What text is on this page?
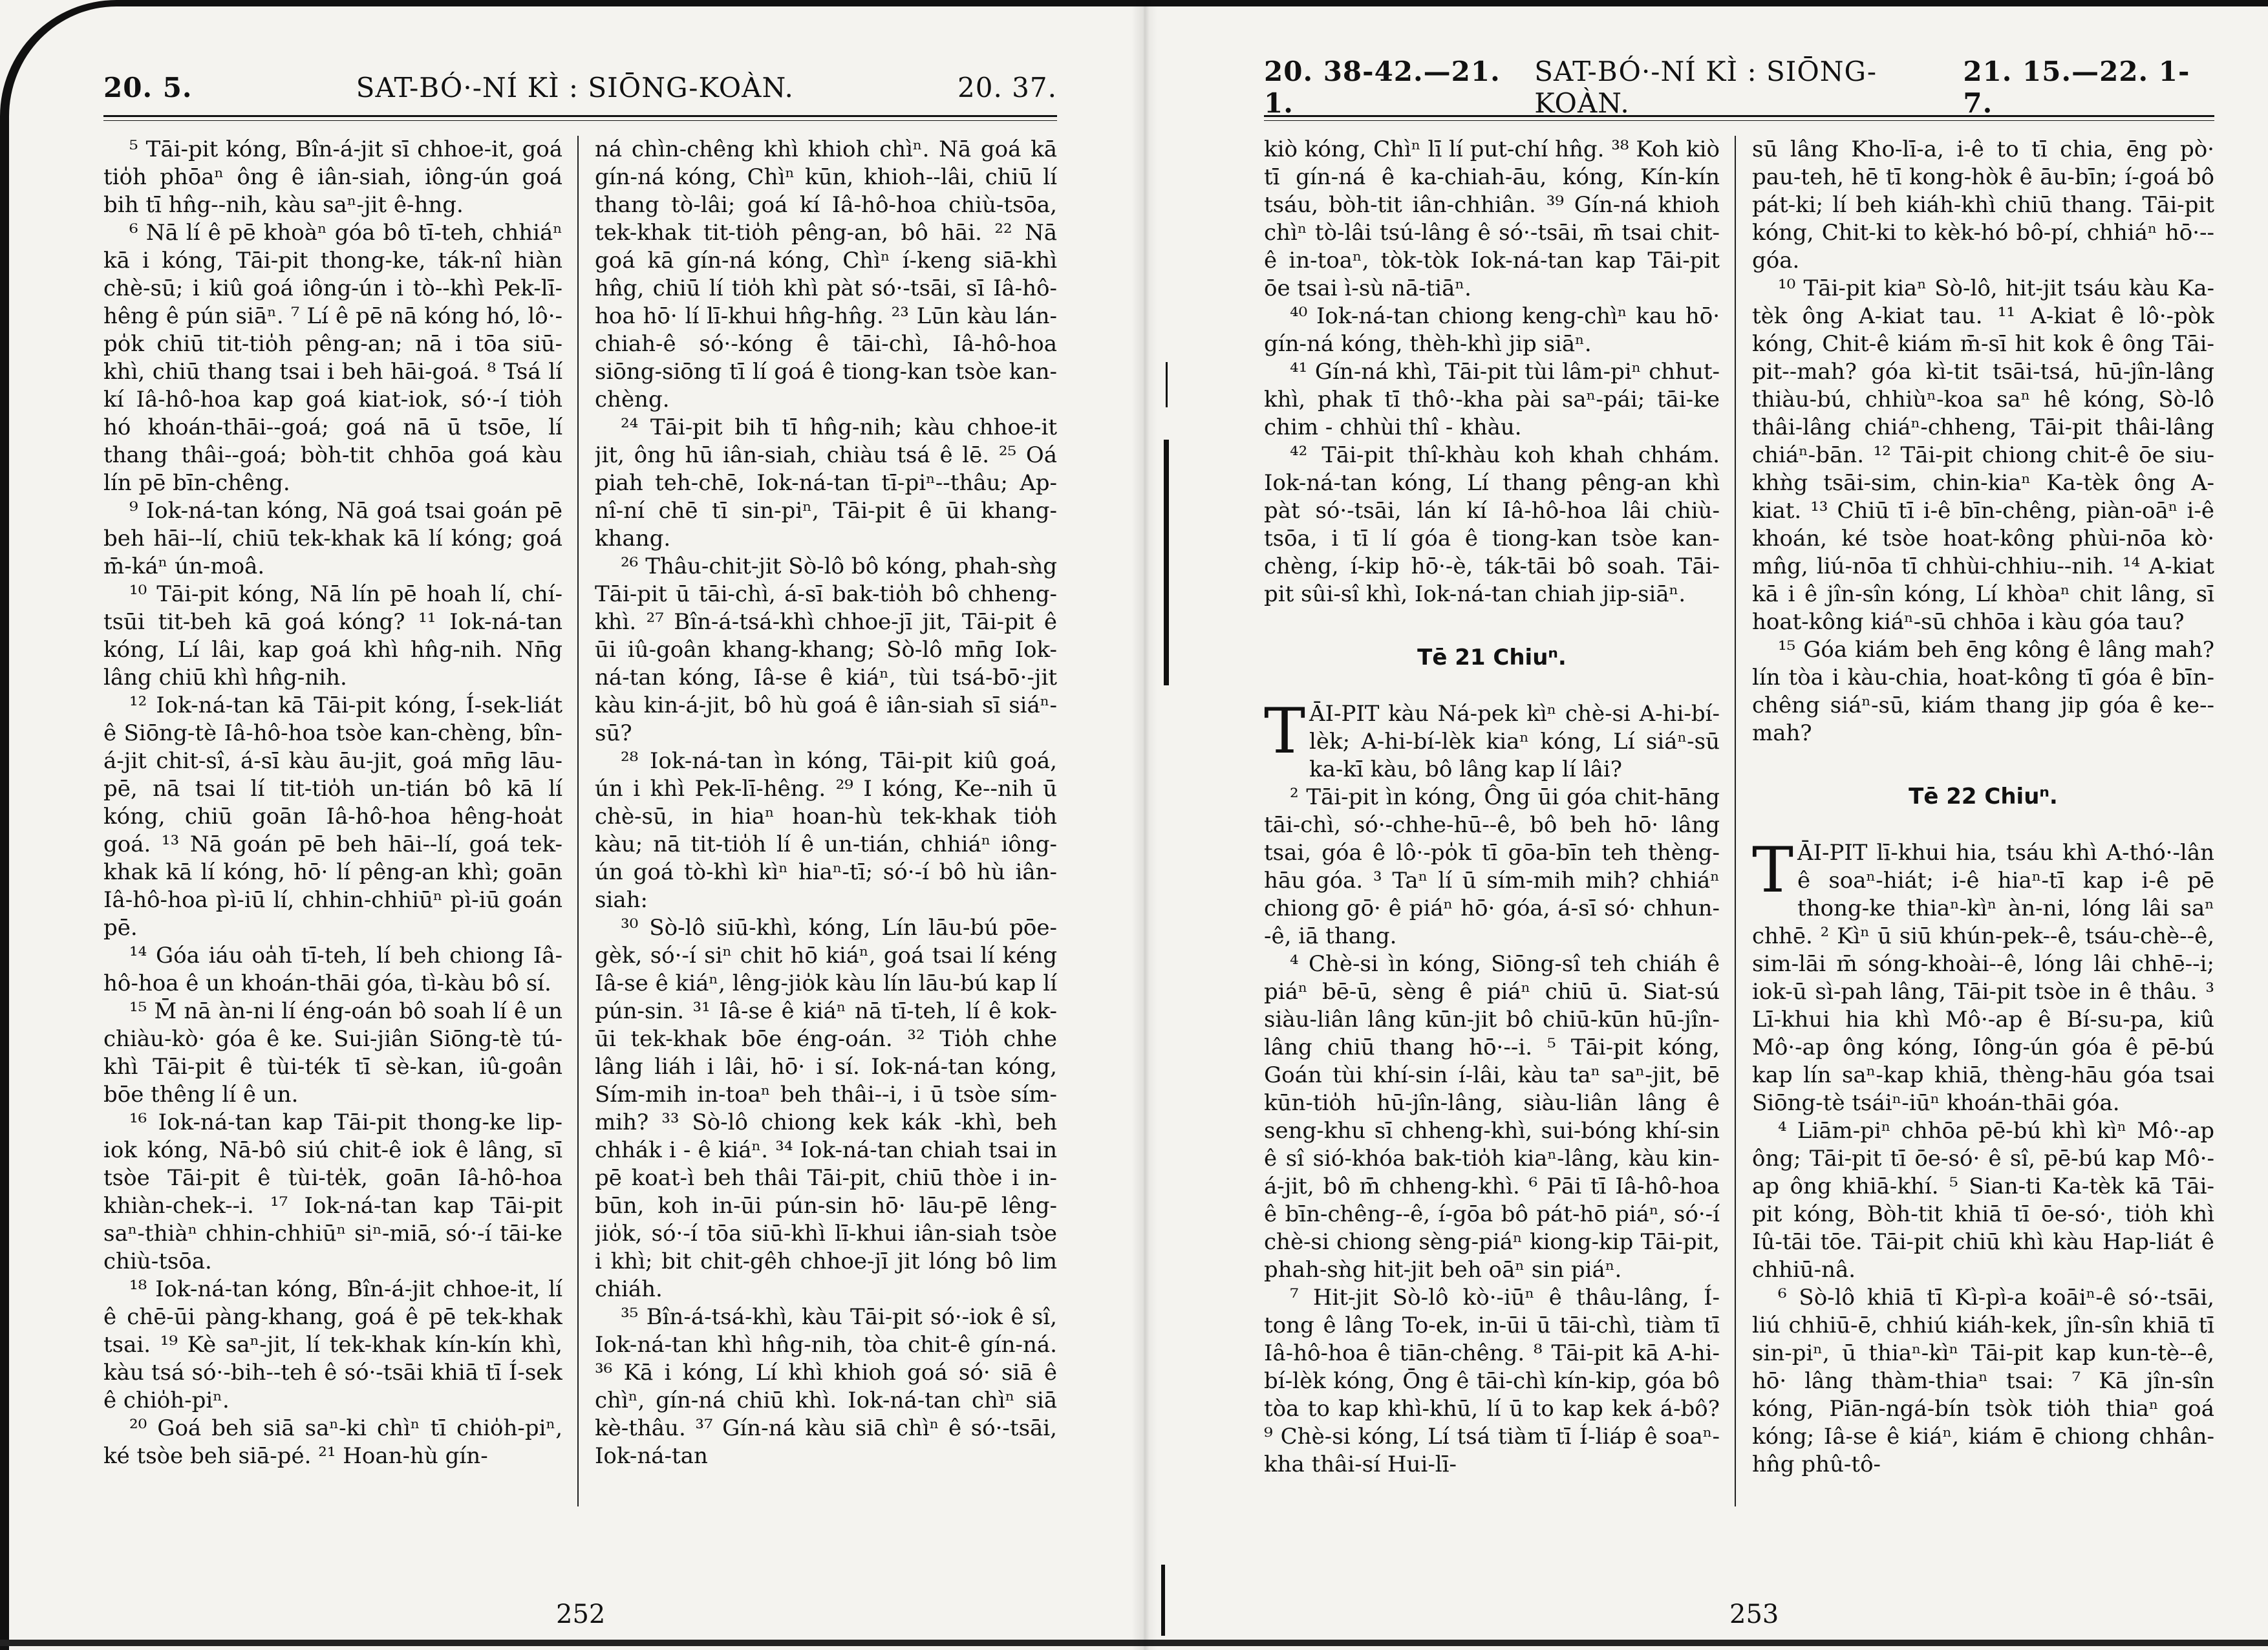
20. 5.	SAT-BÓ·-NÍ KÌ : SIŌNG-KOÀN.	20. 37.

⁵ Tāi-pit kóng, Bîn-á-jit sī chhoe-it, goá tio̍h phōaⁿ ông ê iân-siah, iông-ún goá bih tī hn̂g--nih, kàu saⁿ-jit ê-hng.

⁶ Nā lí ê pē khoàⁿ góa bô tī-teh, chhiáⁿ kā i kóng, Tāi-pit thong-ke, ták-nî hiàn chè-sū; i kiû goá iông-ún i tò--khì Pek-lī-hêng ê pún siāⁿ. ⁷ Lí ê pē nā kóng hó, lô·-po̍k chiū tit-tio̍h pêng-an; nā i tōa siū-khì, chiū thang tsai i beh hāi-goá. ⁸ Tsá lí kí Iâ-hô-hoa kap goá kiat-iok, só·-í tio̍h hó khoán-thāi--goá; goá nā ū tsōe, lí thang thâi--goá; bòh-tit chhōa goá kàu lín pē bīn-chêng.

⁹ Iok-ná-tan kóng, Nā goá tsai goán pē beh hāi--lí, chiū tek-khak kā lí kóng; goá m̄-káⁿ ún-moâ.

¹⁰ Tāi-pit kóng, Nā lín pē hoah lí, chí-tsūi tit-beh kā goá kóng? ¹¹ Iok-ná-tan kóng, Lí lâi, kap goá khì hn̂g-nih. Nn̄g lâng chiū khì hn̂g-nih.

¹² Iok-ná-tan kā Tāi-pit kóng, Í-sek-liát ê Siōng-tè Iâ-hô-hoa tsòe kan-chèng, bîn-á-jit chit-sî, á-sī kàu āu-jit, goá mn̄g lāu-pē, nā tsai lí tit-tio̍h un-tián bô kā lí kóng, chiū goān Iâ-hô-hoa hêng-hoa̍t goá. ¹³ Nā goán pē beh hāi--lí, goá tek-khak kā lí kóng, hō· lí pêng-an khì; goān Iâ-hô-hoa pì-iū lí, chhin-chhiūⁿ pì-iū goán pē.

¹⁴ Góa iáu oa̍h tī-teh, lí beh chiong Iâ-hô-hoa ê un khoán-thāi góa, tì-kàu bô sí.

¹⁵ M̄ nā àn-ni lí éng-oán bô soah lí ê un chiàu-kò· góa ê ke. Sui-jiân Siōng-tè tú-khì Tāi-pit ê tùi-ték tī sè-kan, iû-goân bōe thêng lí ê un.

¹⁶ Iok-ná-tan kap Tāi-pit thong-ke lip-iok kóng, Nā-bô siú chit-ê iok ê lâng, sī tsòe Tāi-pit ê tùi-te̍k, goān Iâ-hô-hoa khiàn-chek--i. ¹⁷ Iok-ná-tan kap Tāi-pit saⁿ-thiàⁿ chhin-chhiūⁿ siⁿ-miā, só·-í tāi-ke chiù-tsōa.

¹⁸ Iok-ná-tan kóng, Bîn-á-jit chhoe-it, lí ê chē-ūi pàng-khang, goá ê pē tek-khak tsai. ¹⁹ Kè saⁿ-jit, lí tek-khak kín-kín khì, kàu tsá só·-bih--teh ê só·-tsāi khiā tī Í-sek ê chio̍h-piⁿ.

²⁰ Goá beh siā saⁿ-ki chìⁿ tī chio̍h-piⁿ, ké tsòe beh siā-pé. ²¹ Hoan-hù gín-

ná chìn-chêng khì khioh chìⁿ. Nā goá kā gín-ná kóng, Chìⁿ kūn, khioh--lâi, chiū lí thang tò-lâi; goá kí Iâ-hô-hoa chiù-tsōa, tek-khak tit-tio̍h pêng-an, bô hāi. ²² Nā goá kā gín-ná kóng, Chìⁿ í-keng siā-khì hn̂g, chiū lí tio̍h khì pàt só·-tsāi, sī Iâ-hô-hoa hō· lí lī-khui hn̂g-hn̂g. ²³ Lūn kàu lán-chiah-ê só·-kóng ê tāi-chì, Iâ-hô-hoa siōng-siōng tī lí goá ê tiong-kan tsòe kan-chèng.

²⁴ Tāi-pit bih tī hn̂g-nih; kàu chhoe-it jit, ông hū iân-siah, chiàu tsá ê lē. ²⁵ Oá piah teh-chē, Iok-ná-tan tī-piⁿ--thâu; Ap-nî-ní chē tī sin-piⁿ, Tāi-pit ê ūi khang-khang.

²⁶ Thâu-chit-jit Sò-lô bô kóng, phah-sǹg Tāi-pit ū tāi-chì, á-sī bak-tio̍h bô chheng-khì. ²⁷ Bîn-á-tsá-khì chhoe-jī jit, Tāi-pit ê ūi iû-goân khang-khang; Sò-lô mn̄g Iok-ná-tan kóng, Iâ-se ê kiáⁿ, tùi tsá-bō·-jit kàu kin-á-jit, bô hù goá ê iân-siah sī siáⁿ-sū?

²⁸ Iok-ná-tan ìn kóng, Tāi-pit kiû goá, ún i khì Pek-lī-hêng. ²⁹ I kóng, Ke--nih ū chè-sū, in hiaⁿ hoan-hù tek-khak tio̍h kàu; nā tit-tio̍h lí ê un-tián, chhiáⁿ iông-ún goá tò-khì kìⁿ hiaⁿ-tī; só·-í bô hù iân-siah:

³⁰ Sò-lô siū-khì, kóng, Lín lāu-bú pōe-gèk, só·-í siⁿ chit hō kiáⁿ, goá tsai lí kéng Iâ-se ê kiáⁿ, lêng-jio̍k kàu lín lāu-bú kap lí pún-sin. ³¹ Iâ-se ê kiáⁿ nā tī-teh, lí ê kok-ūi tek-khak bōe éng-oán. ³² Tio̍h chhe lâng liáh i lâi, hō· i sí. Iok-ná-tan kóng, Sím-mih in-toaⁿ beh thâi--i, i ū tsòe sím-mih? ³³ Sò-lô chiong kek kák -khì, beh chhák i - ê kiáⁿ. ³⁴ Iok-ná-tan chiah tsai in pē koat-ì beh thâi Tāi-pit, chiū thòe i in-būn, koh in-ūi pún-sin hō· lāu-pē lêng-jio̍k, só·-í tōa siū-khì lī-khui iân-siah tsòe i khì; bit chit-gêh chhoe-jī jit lóng bô lim chiáh.

³⁵ Bîn-á-tsá-khì, kàu Tāi-pit só·-iok ê sî, Iok-ná-tan khì hn̂g-nih, tòa chit-ê gín-ná. ³⁶ Kā i kóng, Lí khì khioh goá só· siā ê chìⁿ, gín-ná chiū khì. Iok-ná-tan chìⁿ siā kè-thâu. ³⁷ Gín-ná kàu siā chìⁿ ê só·-tsāi, Iok-ná-tan

252
20. 38-42.—21. 1.
SAT-BÓ·-NÍ KÌ : SIŌNG-KOÀN.
21. 15.—22. 1-7.

kiò kóng, Chìⁿ lī lí put-chí hn̂g. ³⁸ Koh kiò tī gín-ná ê ka-chiah-āu, kóng, Kín-kín tsáu, bòh-tit iân-chhiân. ³⁹ Gín-ná khioh chìⁿ tò-lâi tsú-lâng ê só·-tsāi, m̄ tsai chit-ê in-toaⁿ, tòk-tòk Iok-ná-tan kap Tāi-pit ōe tsai ì-sù nā-tiāⁿ.

⁴⁰ Iok-ná-tan chiong keng-chìⁿ kau hō· gín-ná kóng, thèh-khì jip siāⁿ.

⁴¹ Gín-ná khì, Tāi-pit tùi lâm-piⁿ chhut-khì, phak tī thô·-kha pài saⁿ-pái; tāi-ke chim - chhùi thî - khàu.

⁴² Tāi-pit thî-khàu koh khah chhám. Iok-ná-tan kóng, Lí thang pêng-an khì pàt só·-tsāi, lán kí Iâ-hô-hoa lâi chiù-tsōa, i tī lí góa ê tiong-kan tsòe kan-chèng, í-kip hō·-è, ták-tāi bô soah. Tāi-pit sûi-sî khì, Iok-ná-tan chiah jip-siāⁿ.

Tē 21 Chiuⁿ.

TĀI-PIT kàu Ná-pek kìⁿ chè-si A-hi-bí-lèk; A-hi-bí-lèk kiaⁿ kóng, Lí siáⁿ-sū ka-kī kàu, bô lâng kap lí lâi?

² Tāi-pit ìn kóng, Ông ūi góa chit-hāng tāi-chì, só·-chhe-hū--ê, bô beh hō· lâng tsai, góa ê lô·-po̍k tī gōa-bīn teh thèng-hāu góa. ³ Taⁿ lí ū sím-mih mih? chhiáⁿ chiong gō· ê piáⁿ hō· góa, á-sī só· chhun--ê, iā thang.

⁴ Chè-si ìn kóng, Siōng-sî teh chiáh ê piáⁿ bē-ū, sèng ê piáⁿ chiū ū. Siat-sú siàu-liân lâng kūn-jit bô chiū-kūn hū-jîn-lâng chiū thang hō·--i. ⁵ Tāi-pit kóng, Goán tùi khí-sin í-lâi, kàu taⁿ saⁿ-jit, bē kūn-tio̍h hū-jîn-lâng, siàu-liân lâng ê seng-khu sī chheng-khì, sui-bóng khí-sin ê sî sió-khóa bak-tio̍h kiaⁿ-lâng, kàu kin-á-jit, bô m̄ chheng-khì. ⁶ Pāi tī Iâ-hô-hoa ê bīn-chêng--ê, í-gōa bô pát-hō piáⁿ, só·-í chè-si chiong sèng-piáⁿ kiong-kip Tāi-pit, phah-sǹg hit-jit beh oāⁿ sin piáⁿ.

⁷ Hit-jit Sò-lô kò·-iūⁿ ê thâu-lâng, Í-tong ê lâng To-ek, in-ūi ū tāi-chì, tiàm tī Iâ-hô-hoa ê tiān-chêng. ⁸ Tāi-pit kā A-hi-bí-lèk kóng, Ōng ê tāi-chì kín-kip, góa bô tòa to kap khì-khū, lí ū to kap kek á-bô? ⁹ Chè-si kóng, Lí tsá tiàm tī Í-liáp ê soaⁿ-kha thâi-sí Hui-lī-

sū lâng Kho-lī-a, i-ê to tī chia, ēng pò· pau-teh, hē tī kong-hòk ê āu-bīn; í-goá bô pát-ki; lí beh kiáh-khì chiū thang. Tāi-pit kóng, Chit-ki to kèk-hó bô-pí, chhiáⁿ hō·--góa.

¹⁰ Tāi-pit kiaⁿ Sò-lô, hit-jit tsáu kàu Ka-tèk ông A-kiat tau. ¹¹ A-kiat ê lô·-pòk kóng, Chit-ê kiám m̄-sī hit kok ê ông Tāi-pit--mah? góa kì-tit tsāi-tsá, hū-jîn-lâng thiàu-bú, chhiùⁿ-koa saⁿ hê kóng, Sò-lô thâi-lâng chiáⁿ-chheng, Tāi-pit thâi-lâng chiáⁿ-bān. ¹² Tāi-pit chiong chit-ê ōe siu-khǹg tsāi-sim, chin-kiaⁿ Ka-tèk ông A-kiat. ¹³ Chiū tī i-ê bīn-chêng, piàn-oāⁿ i-ê khoán, ké tsòe hoat-kông phùi-nōa kò· mn̂g, liú-nōa tī chhùi-chhiu--nih. ¹⁴ A-kiat kā i ê jîn-sîn kóng, Lí khòaⁿ chit lâng, sī hoat-kông kiáⁿ-sū chhōa i kàu góa tau?

¹⁵ Góa kiám beh ēng kông ê lâng mah? lín tòa i kàu-chia, hoat-kông tī góa ê bīn-chêng siáⁿ-sū, kiám thang jip góa ê ke--mah?

Tē 22 Chiuⁿ.

TĀI-PIT lī-khui hia, tsáu khì A-thó·-lân ê soaⁿ-hiát; i-ê hiaⁿ-tī kap i-ê pē thong-ke thiaⁿ-kìⁿ àn-ni, lóng lâi saⁿ chhē. ² Kìⁿ ū siū khún-pek--ê, tsáu-chè--ê, sim-lāi m̄ sóng-khoài--ê, lóng lâi chhē--i; iok-ū sì-pah lâng, Tāi-pit tsòe in ê thâu. ³ Lī-khui hia khì Mô·-ap ê Bí-su-pa, kiû Mô·-ap ông kóng, Iông-ún góa ê pē-bú kap lín saⁿ-kap khiā, thèng-hāu góa tsai Siōng-tè tsáiⁿ-iūⁿ khoán-thāi góa.

⁴ Liām-piⁿ chhōa pē-bú khì kìⁿ Mô·-ap ông; Tāi-pit tī ōe-só· ê sî, pē-bú kap Mô·-ap ông khiā-khí. ⁵ Sian-ti Ka-tèk kā Tāi-pit kóng, Bòh-tit khiā tī ōe-só·, tio̍h khì Iû-tāi tōe. Tāi-pit chiū khì kàu Hap-liát ê chhiū-nâ.

⁶ Sò-lô khiā tī Kì-pì-a koāiⁿ-ê só·-tsāi, liú chhiū-ē, chhiú kiáh-kek, jîn-sîn khiā tī sin-piⁿ, ū thiaⁿ-kìⁿ Tāi-pit kap kun-tè--ê, hō· lâng thàm-thiaⁿ tsai: ⁷ Kā jîn-sîn kóng, Piān-ngá-bín tsòk tio̍h thiaⁿ goá kóng; Iâ-se ê kiáⁿ, kiám ē chiong chhân-hn̂g phû-tô-

253
